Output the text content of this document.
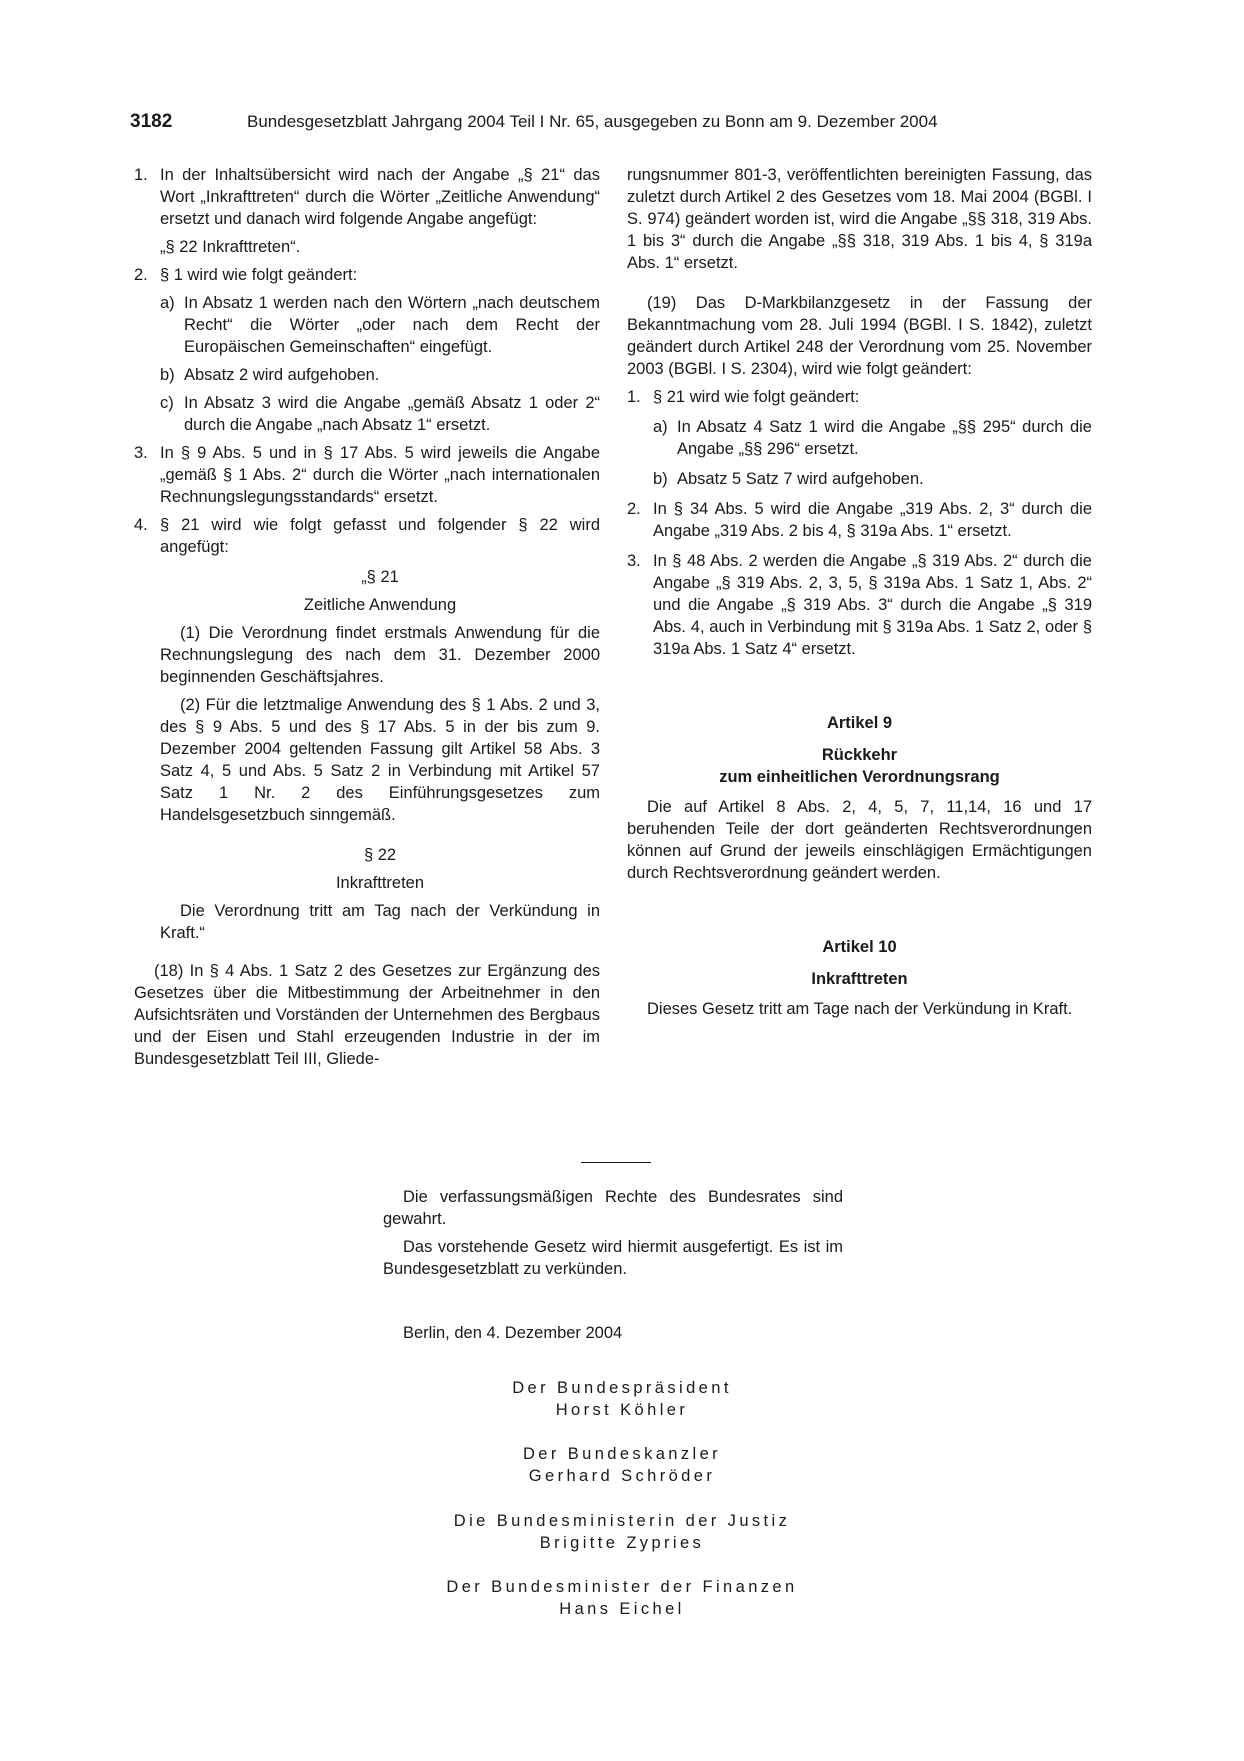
3182	Bundesgesetzblatt Jahrgang 2004 Teil I Nr. 65, ausgegeben zu Bonn am 9. Dezember 2004
1. In der Inhaltsübersicht wird nach der Angabe „§ 21“ das Wort „Inkrafttreten“ durch die Wörter „Zeitliche Anwendung“ ersetzt und danach wird folgende Angabe angefügt:
„§ 22 Inkrafttreten“.
2. § 1 wird wie folgt geändert:
a) In Absatz 1 werden nach den Wörtern „nach deutschem Recht“ die Wörter „oder nach dem Recht der Europäischen Gemeinschaften“ eingefügt.
b) Absatz 2 wird aufgehoben.
c) In Absatz 3 wird die Angabe „gemäß Absatz 1 oder 2“ durch die Angabe „nach Absatz 1“ ersetzt.
3. In § 9 Abs. 5 und in § 17 Abs. 5 wird jeweils die Angabe „gemäß § 1 Abs. 2“ durch die Wörter „nach internationalen Rechnungslegungsstandards“ ersetzt.
4. § 21 wird wie folgt gefasst und folgender § 22 wird angefügt:
„§ 21
Zeitliche Anwendung
(1) Die Verordnung findet erstmals Anwendung für die Rechnungslegung des nach dem 31. Dezember 2000 beginnenden Geschäftsjahres.
(2) Für die letztmalige Anwendung des § 1 Abs. 2 und 3, des § 9 Abs. 5 und des § 17 Abs. 5 in der bis zum 9. Dezember 2004 geltenden Fassung gilt Artikel 58 Abs. 3 Satz 4, 5 und Abs. 5 Satz 2 in Verbindung mit Artikel 57 Satz 1 Nr. 2 des Einführungsgesetzes zum Handelsgesetzbuch sinngemäß.
§ 22
Inkrafttreten
Die Verordnung tritt am Tag nach der Verkündung in Kraft.“
(18) In § 4 Abs. 1 Satz 2 des Gesetzes zur Ergänzung des Gesetzes über die Mitbestimmung der Arbeitnehmer in den Aufsichtsräten und Vorständen der Unternehmen des Bergbaus und der Eisen und Stahl erzeugenden Industrie in der im Bundesgesetzblatt Teil III, Gliede-
rungsnummer 801-3, veröffentlichten bereinigten Fassung, das zuletzt durch Artikel 2 des Gesetzes vom 18. Mai 2004 (BGBl. I S. 974) geändert worden ist, wird die Angabe „§§ 318, 319 Abs. 1 bis 3“ durch die Angabe „§§ 318, 319 Abs. 1 bis 4, § 319a Abs. 1“ ersetzt.
(19) Das D-Markbilanzgesetz in der Fassung der Bekanntmachung vom 28. Juli 1994 (BGBl. I S. 1842), zuletzt geändert durch Artikel 248 der Verordnung vom 25. November 2003 (BGBl. I S. 2304), wird wie folgt geändert:
1. § 21 wird wie folgt geändert:
a) In Absatz 4 Satz 1 wird die Angabe „§§ 295“ durch die Angabe „§§ 296“ ersetzt.
b) Absatz 5 Satz 7 wird aufgehoben.
2. In § 34 Abs. 5 wird die Angabe „319 Abs. 2, 3“ durch die Angabe „319 Abs. 2 bis 4, § 319a Abs. 1“ ersetzt.
3. In § 48 Abs. 2 werden die Angabe „§ 319 Abs. 2“ durch die Angabe „§ 319 Abs. 2, 3, 5, § 319a Abs. 1 Satz 1, Abs. 2“ und die Angabe „§ 319 Abs. 3“ durch die Angabe „§ 319 Abs. 4, auch in Verbindung mit § 319a Abs. 1 Satz 2, oder § 319a Abs. 1 Satz 4“ ersetzt.
Artikel 9
Rückkehr
zum einheitlichen Verordnungsrang
Die auf Artikel 8 Abs. 2, 4, 5, 7, 11,14, 16 und 17 beruhenden Teile der dort geänderten Rechtsverordnungen können auf Grund der jeweils einschlägigen Ermächtigungen durch Rechtsverordnung geändert werden.
Artikel 10
Inkrafttreten
Dieses Gesetz tritt am Tage nach der Verkündung in Kraft.
Die verfassungsmäßigen Rechte des Bundesrates sind gewahrt.
Das vorstehende Gesetz wird hiermit ausgefertigt. Es ist im Bundesgesetzblatt zu verkünden.
Berlin, den 4. Dezember 2004
Der Bundespräsident
Horst Köhler
Der Bundeskanzler
Gerhard Schröder
Die Bundesministerin der Justiz
Brigitte Zypries
Der Bundesminister der Finanzen
Hans Eichel
